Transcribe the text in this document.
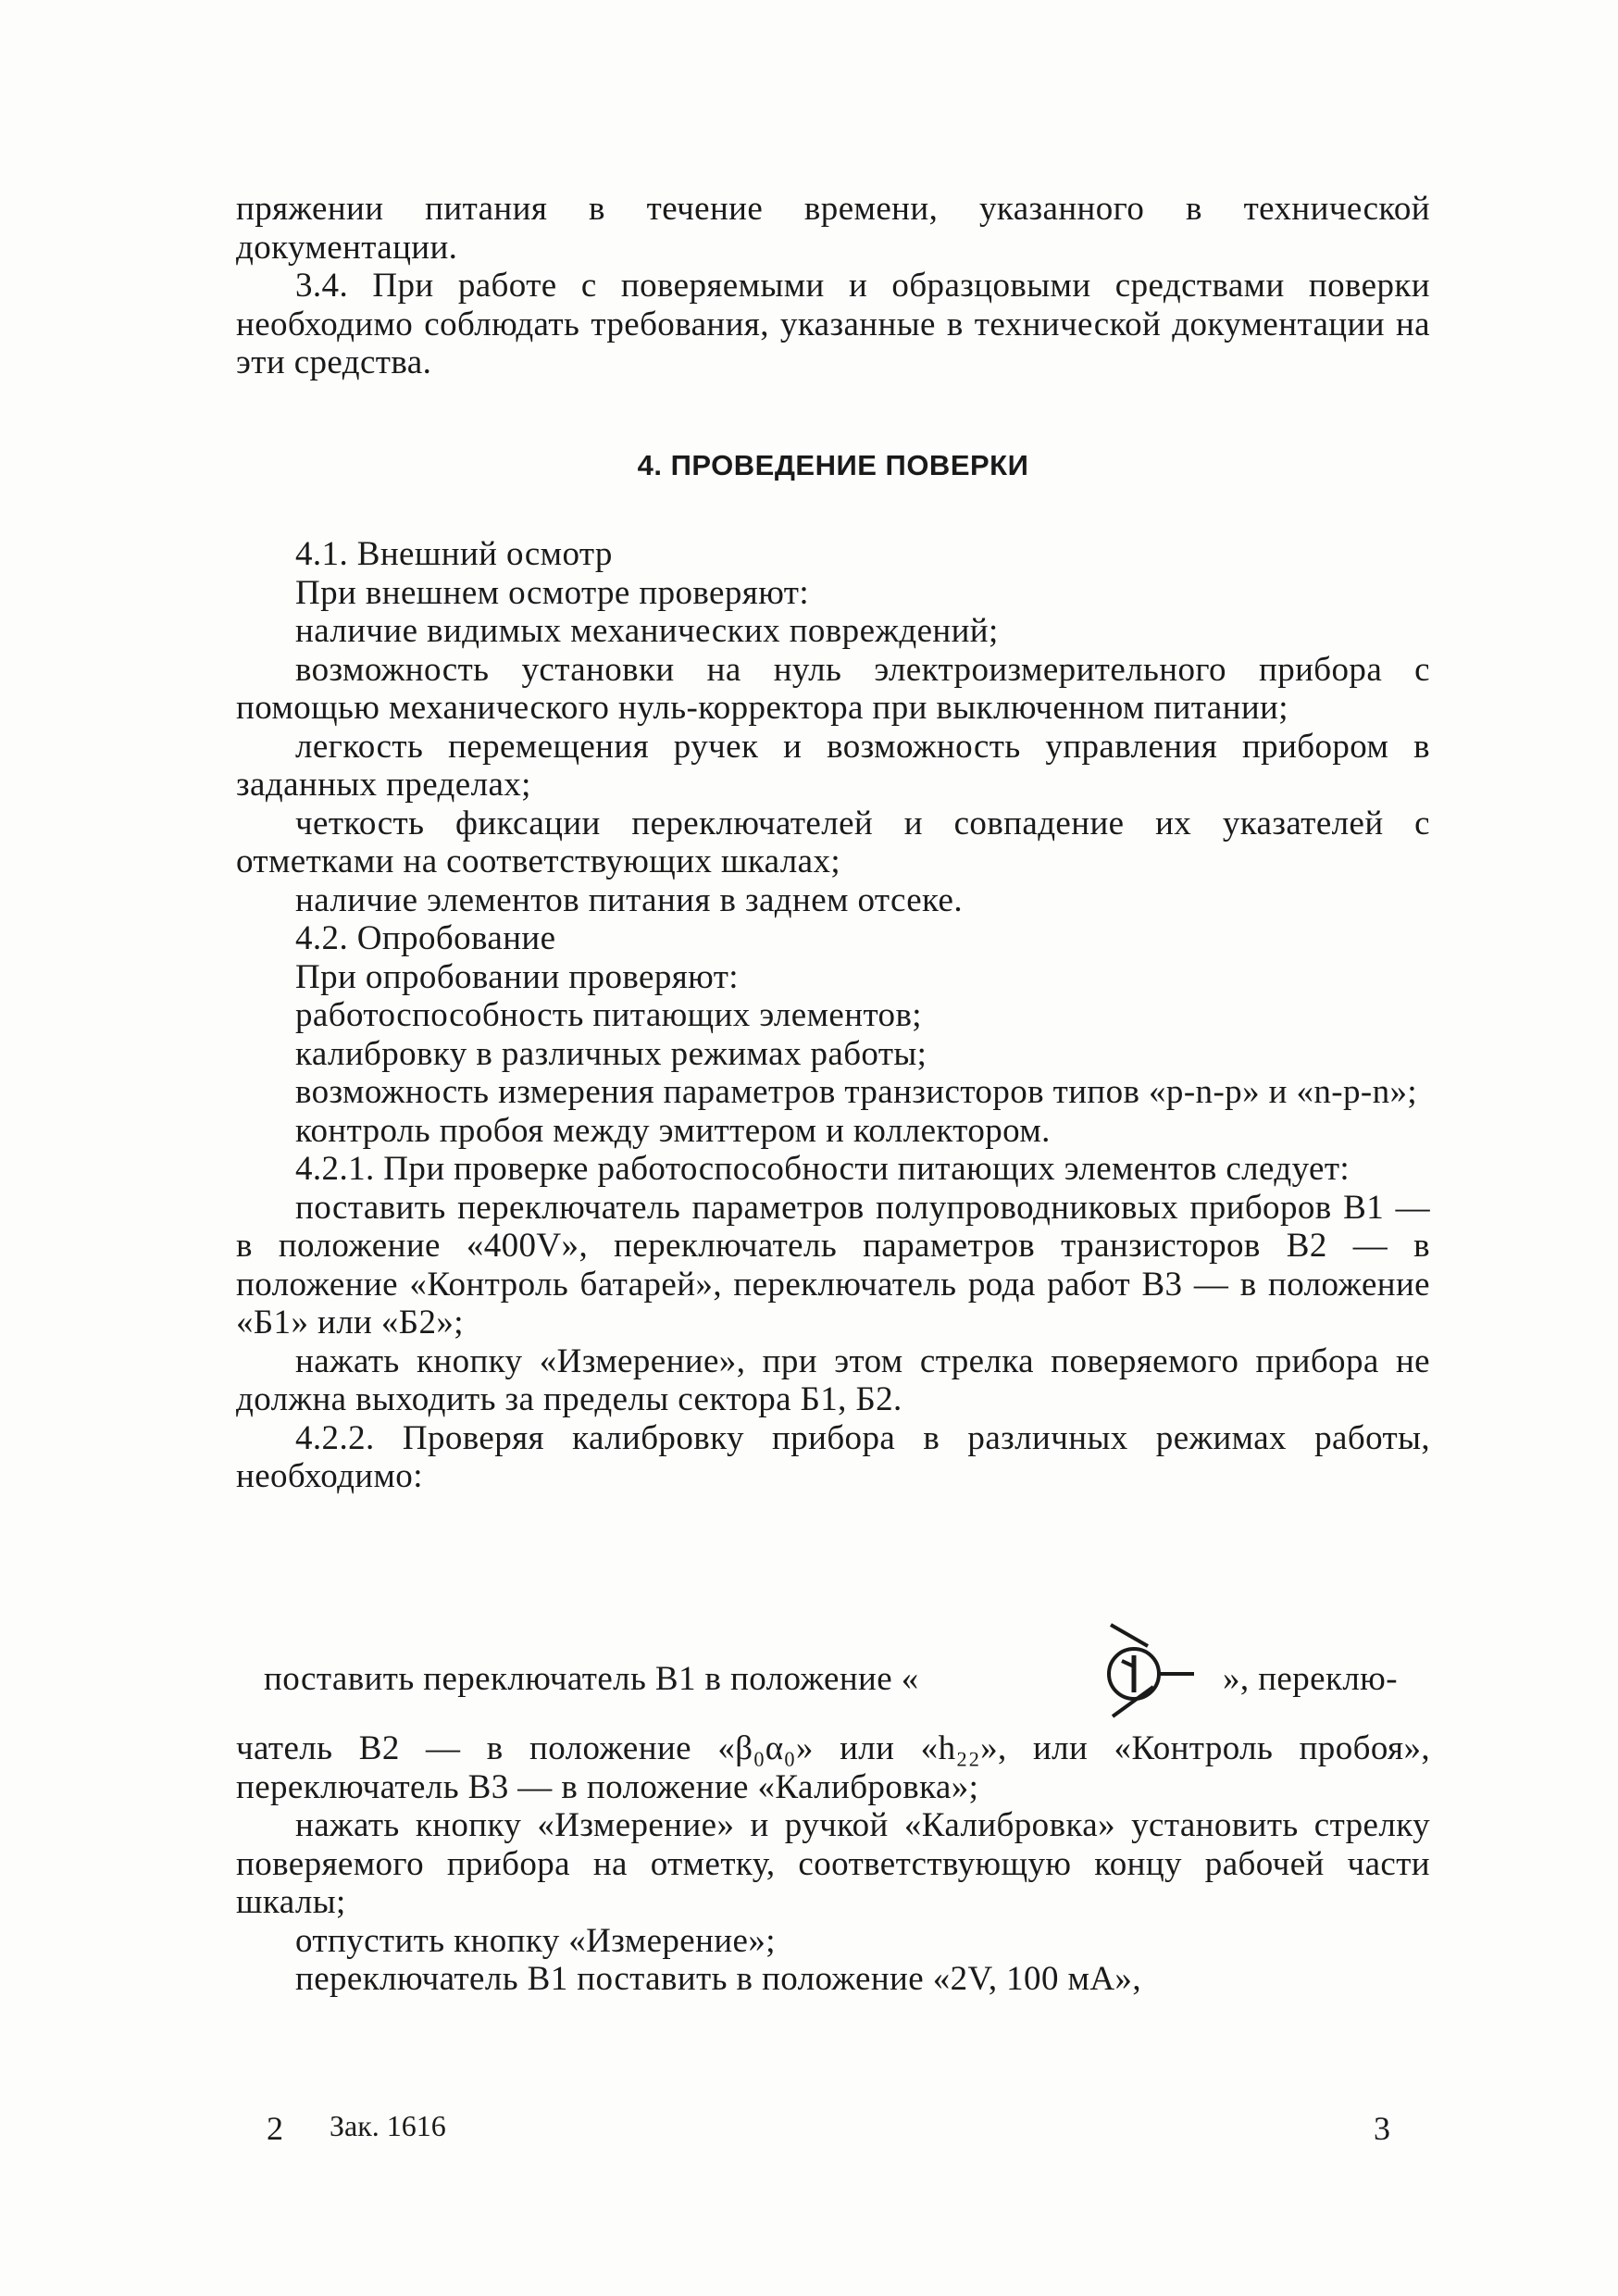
пряжении питания в течение времени, указанного в технической документации.

3.4. При работе с поверяемыми и образцовыми средствами поверки необходимо соблюдать требования, указанные в технической документации на эти средства.

4. ПРОВЕДЕНИЕ ПОВЕРКИ

4.1. Внешний осмотр

При внешнем осмотре проверяют:

наличие видимых механических повреждений;

возможность установки на нуль электроизмерительного прибора с помощью механического нуль-корректора при выключенном питании;

легкость перемещения ручек и возможность управления прибором в заданных пределах;

четкость фиксации переключателей и совпадение их указателей с отметками на соответствующих шкалах;

наличие элементов питания в заднем отсеке.

4.2. Опробование

При опробовании проверяют:

работоспособность питающих элементов;

калибровку в различных режимах работы;

возможность измерения параметров транзисторов типов «p-n-p» и «n-p-n»;

контроль пробоя между эмиттером и коллектором.

4.2.1. При проверке работоспособности питающих элементов следует:

поставить переключатель параметров полупроводниковых приборов В1 — в положение «400V», переключатель параметров транзисторов В2 — в положение «Контроль батарей», переключатель рода работ В3 — в положение «Б1» или «Б2»;

нажать кнопку «Измерение», при этом стрелка поверяемого прибора не должна выходить за пределы сектора Б1, Б2.

4.2.2. Проверяя калибровку прибора в различных режимах работы, необходимо:

поставить переключатель В1 в положение «	», переклю-

чатель В2 — в положение «β₀α₀» или «h₂₂», или «Контроль пробоя», переключатель В3 — в положение «Калибровка»;

нажать кнопку «Измерение» и ручкой «Калибровка» установить стрелку поверяемого прибора на отметку, соответствующую концу рабочей части шкалы;

отпустить кнопку «Измерение»;

переключатель В1 поставить в положение «2V, 100 мА»,

2 Зак. 1616	3
